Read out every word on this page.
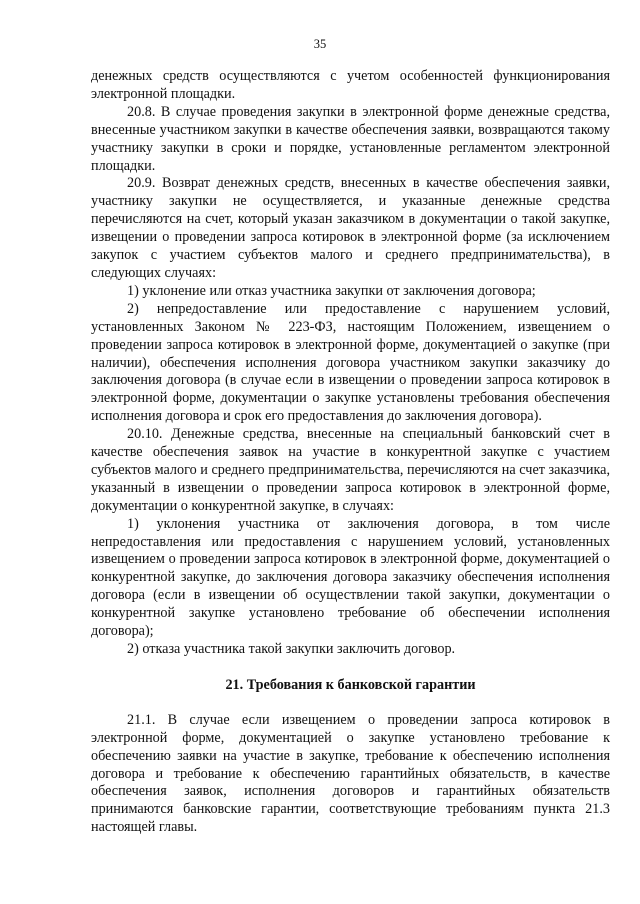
35

денежных средств осуществляются с учетом особенностей функционирования электронной площадки.

20.8. В случае проведения закупки в электронной форме денежные средства, внесенные участником закупки в качестве обеспечения заявки, возвращаются такому участнику закупки в сроки и порядке, установленные регламентом электронной площадки.

20.9. Возврат денежных средств, внесенных в качестве обеспечения заявки, участнику закупки не осуществляется, и указанные денежные средства перечисляются на счет, который указан заказчиком в документации о такой закупке, извещении о проведении запроса котировок в электронной форме (за исключением закупок с участием субъектов малого и среднего предпринимательства), в следующих случаях:

1) уклонение или отказ участника закупки от заключения договора;

2) непредоставление или предоставление с нарушением условий, установленных Законом № 223-ФЗ, настоящим Положением, извещением о проведении запроса котировок в электронной форме, документацией о закупке (при наличии), обеспечения исполнения договора участником закупки заказчику до заключения договора (в случае если в извещении о проведении запроса котировок в электронной форме, документации о закупке установлены требования обеспечения исполнения договора и срок его предоставления до заключения договора).

20.10. Денежные средства, внесенные на специальный банковский счет в качестве обеспечения заявок на участие в конкурентной закупке с участием субъектов малого и среднего предпринимательства, перечисляются на счет заказчика, указанный в извещении о проведении запроса котировок в электронной форме, документации о конкурентной закупке, в случаях:

1) уклонения участника от заключения договора, в том числе непредоставления или предоставления с нарушением условий, установленных извещением о проведении запроса котировок в электронной форме, документацией о конкурентной закупке, до заключения договора заказчику обеспечения исполнения договора (если в извещении об осуществлении такой закупки, документации о конкурентной закупке установлено требование об обеспечении исполнения договора);

2) отказа участника такой закупки заключить договор.

21. Требования к банковской гарантии

21.1. В случае если извещением о проведении запроса котировок в электронной форме, документацией о закупке установлено требование к обеспечению заявки на участие в закупке, требование к обеспечению исполнения договора и требование к обеспечению гарантийных обязательств, в качестве обеспечения заявок, исполнения договоров и гарантийных обязательств принимаются банковские гарантии, соответствующие требованиям пункта 21.3 настоящей главы.
